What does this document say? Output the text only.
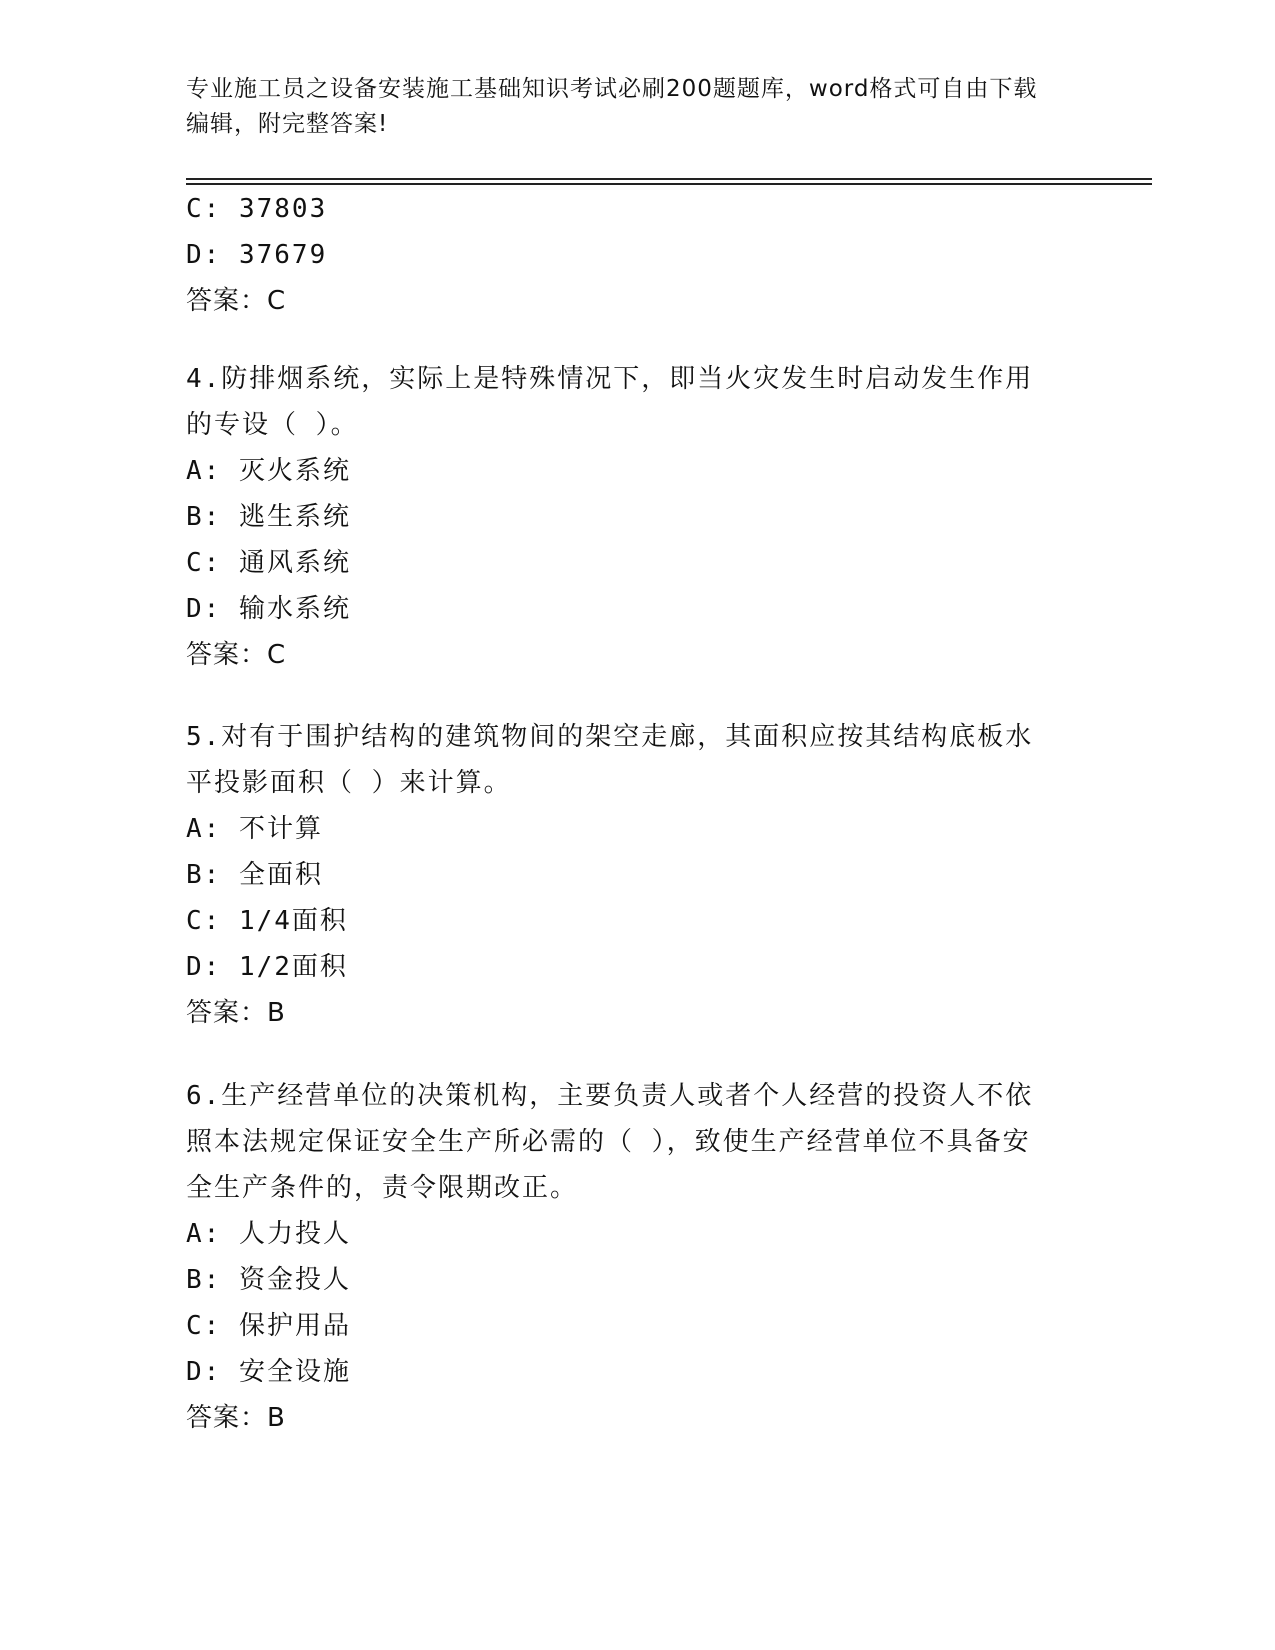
专业施工员之设备安装施工基础知识考试必刷200题题库，word格式可自由下载
编辑，附完整答案!
C: 37803
D: 37679
答案：C
4.防排烟系统，实际上是特殊情况下，即当火灾发生时启动发生作用
的专设（ ）。
A: 灭火系统
B: 逃生系统
C: 通风系统
D: 输水系统
答案：C
5.对有于围护结构的建筑物间的架空走廊，其面积应按其结构底板水
平投影面积（ ）来计算。
A: 不计算
B: 全面积
C: 1/4面积
D: 1/2面积
答案：B
6.生产经营单位的决策机构，主要负责人或者个人经营的投资人不依
照本法规定保证安全生产所必需的（ ），致使生产经营单位不具备安
全生产条件的，责令限期改正。
A: 人力投人
B: 资金投人
C: 保护用品
D: 安全设施
答案：B
